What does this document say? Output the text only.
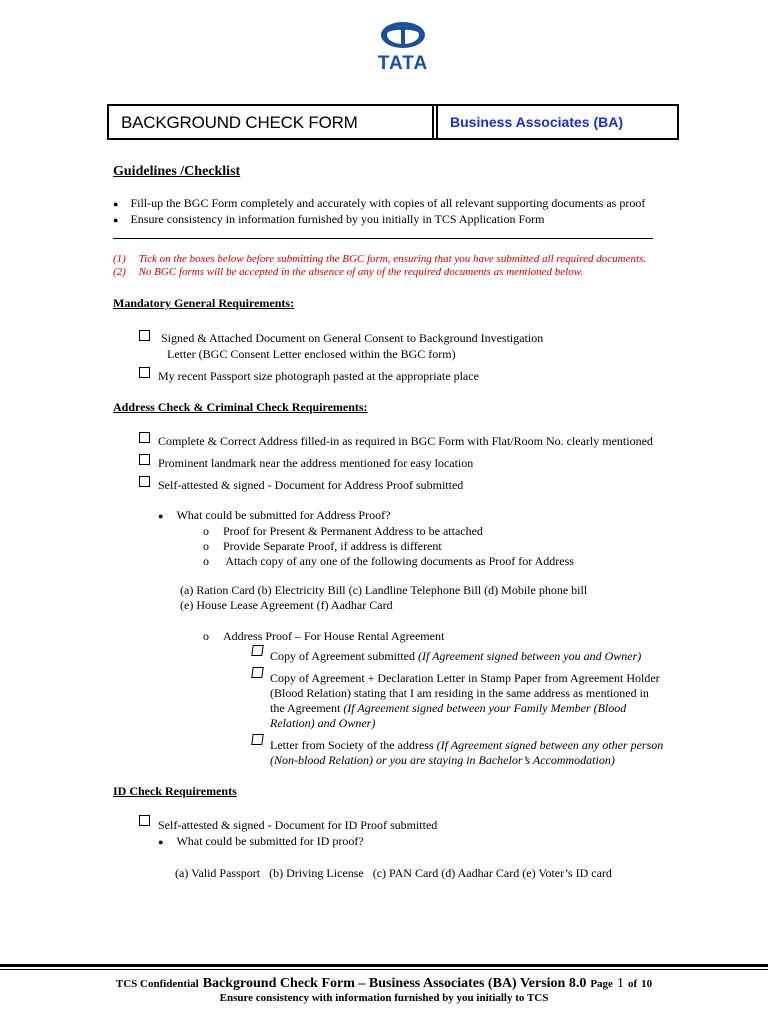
TATA
BACKGROUND CHECK FORM	Business Associates (BA)
Guidelines /Checklist
● Fill-up the BGC Form completely and accurately with copies of all relevant supporting documents as proof
● Ensure consistency in information furnished by you initially in TCS Application Form
(1) Tick on the boxes below before submitting the BGC form, ensuring that you have submitted all required documents.
(2) No BGC forms will be accepted in the absence of any of the required documents as mentioned below.
Mandatory General Requirements:
Signed & Attached Document on General Consent to Background Investigation
Letter (BGC Consent Letter enclosed within the BGC form)
My recent Passport size photograph pasted at the appropriate place
Address Check & Criminal Check Requirements:
Complete & Correct Address filled-in as required in BGC Form with Flat/Room No. clearly mentioned
Prominent landmark near the address mentioned for easy location
Self-attested & signed - Document for Address Proof submitted
● What could be submitted for Address Proof?
o Proof for Present & Permanent Address to be attached
o Provide Separate Proof, if address is different
o Attach copy of any one of the following documents as Proof for Address
(a) Ration Card (b) Electricity Bill (c) Landline Telephone Bill (d) Mobile phone bill
(e) House Lease Agreement (f) Aadhar Card
o Address Proof – For House Rental Agreement
Copy of Agreement submitted (If Agreement signed between you and Owner)
Copy of Agreement + Declaration Letter in Stamp Paper from Agreement Holder
(Blood Relation) stating that I am residing in the same address as mentioned in
the Agreement (If Agreement signed between your Family Member (Blood
Relation) and Owner)
Letter from Society of the address (If Agreement signed between any other person
(Non-blood Relation) or you are staying in Bachelor’s Accommodation)
ID Check Requirements
Self-attested & signed - Document for ID Proof submitted
● What could be submitted for ID proof?
(a) Valid Passport   (b) Driving License   (c) PAN Card (d) Aadhar Card (e) Voter’s ID card
TCS Confidential Background Check Form – Business Associates (BA) Version 8.0 Page 1 of 10
Ensure consistency with information furnished by you initially to TCS
